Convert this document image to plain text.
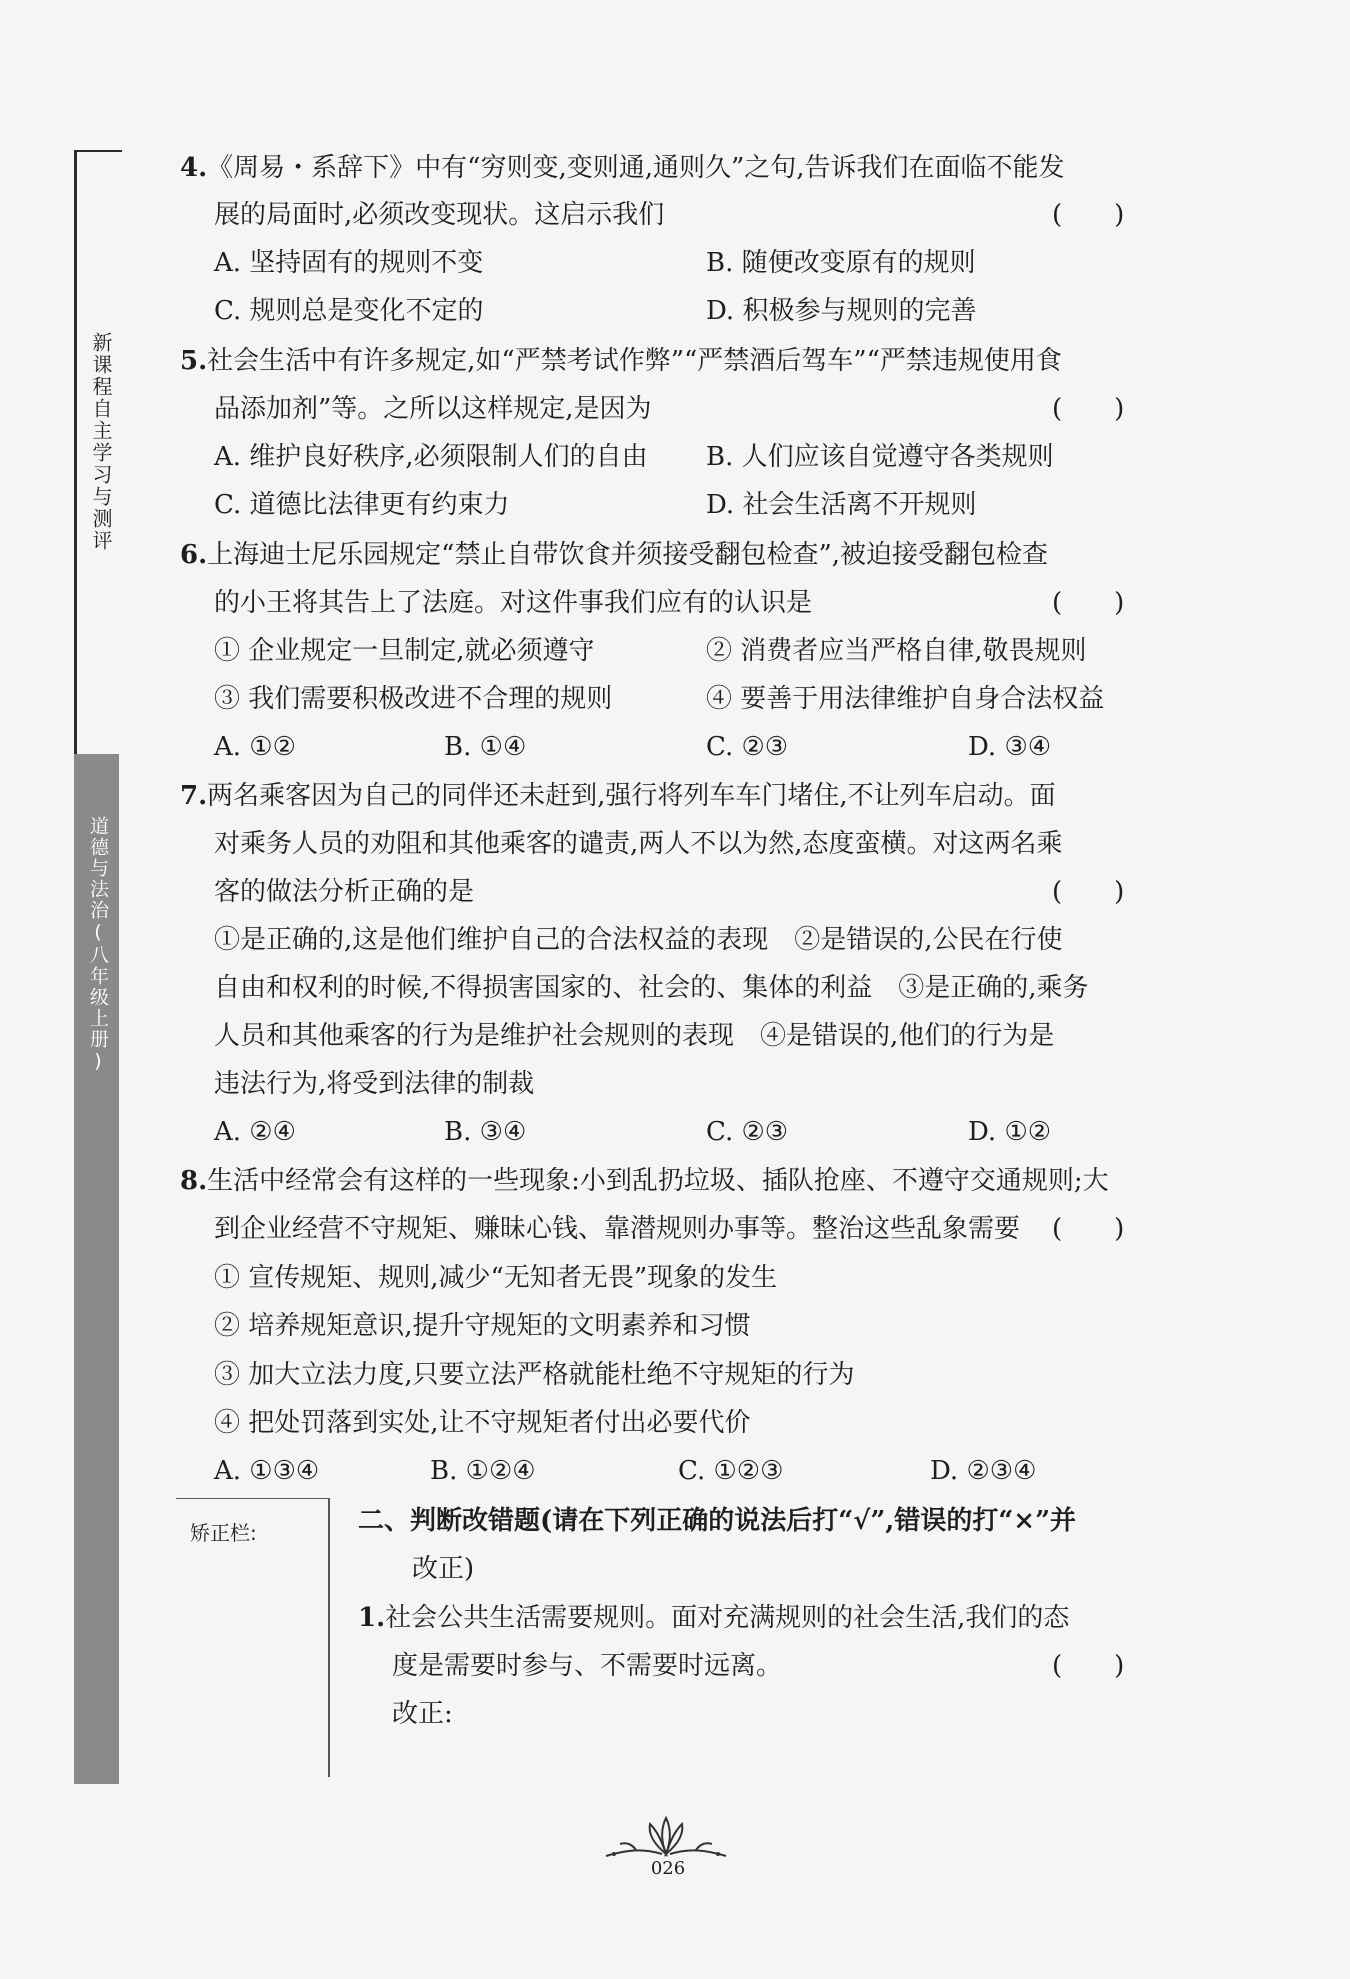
新课程自主学习与测评
道德与法治(八年级上册)
4.《周易・系辞下》中有“穷则变,变则通,通则久”之句,告诉我们在面临不能发
展的局面时,必须改变现状。这启示我们	(　　)
A. 坚持固有的规则不变	B. 随便改变原有的规则
C. 规则总是变化不定的	D. 积极参与规则的完善
5.社会生活中有许多规定,如“严禁考试作弊”“严禁酒后驾车”“严禁违规使用食
品添加剂”等。之所以这样规定,是因为	(　　)
A. 维护良好秩序,必须限制人们的自由 B. 人们应该自觉遵守各类规则
C. 道德比法律更有约束力	D. 社会生活离不开规则
6.上海迪士尼乐园规定“禁止自带饮食并须接受翻包检查”,被迫接受翻包检查
的小王将其告上了法庭。对这件事我们应有的认识是	(　　)
① 企业规定一旦制定,就必须遵守	② 消费者应当严格自律,敬畏规则
③ 我们需要积极改进不合理的规则	④ 要善于用法律维护自身合法权益
A. ①②	B. ①④	C. ②③	D. ③④
7.两名乘客因为自己的同伴还未赶到,强行将列车车门堵住,不让列车启动。面
对乘务人员的劝阻和其他乘客的谴责,两人不以为然,态度蛮横。对这两名乘
客的做法分析正确的是	(　　)
①是正确的,这是他们维护自己的合法权益的表现　②是错误的,公民在行使
自由和权利的时候,不得损害国家的、社会的、集体的利益　③是正确的,乘务
人员和其他乘客的行为是维护社会规则的表现　④是错误的,他们的行为是
违法行为,将受到法律的制裁
A. ②④	B. ③④	C. ②③	D. ①②
8.生活中经常会有这样的一些现象:小到乱扔垃圾、插队抢座、不遵守交通规则;大
到企业经营不守规矩、赚昧心钱、靠潜规则办事等。整治这些乱象需要 (　　)
① 宣传规矩、规则,减少“无知者无畏”现象的发生
② 培养规矩意识,提升守规矩的文明素养和习惯
③ 加大立法力度,只要立法严格就能杜绝不守规矩的行为
④ 把处罚落到实处,让不守规矩者付出必要代价
A. ①③④	B. ①②④	C. ①②③	D. ②③④
矫正栏:	二、判断改错题(请在下列正确的说法后打“√”,错误的打“×”并
改正)
1.社会公共生活需要规则。面对充满规则的社会生活,我们的态
度是需要时参与、不需要时远离。	(　　)
改正:
026
